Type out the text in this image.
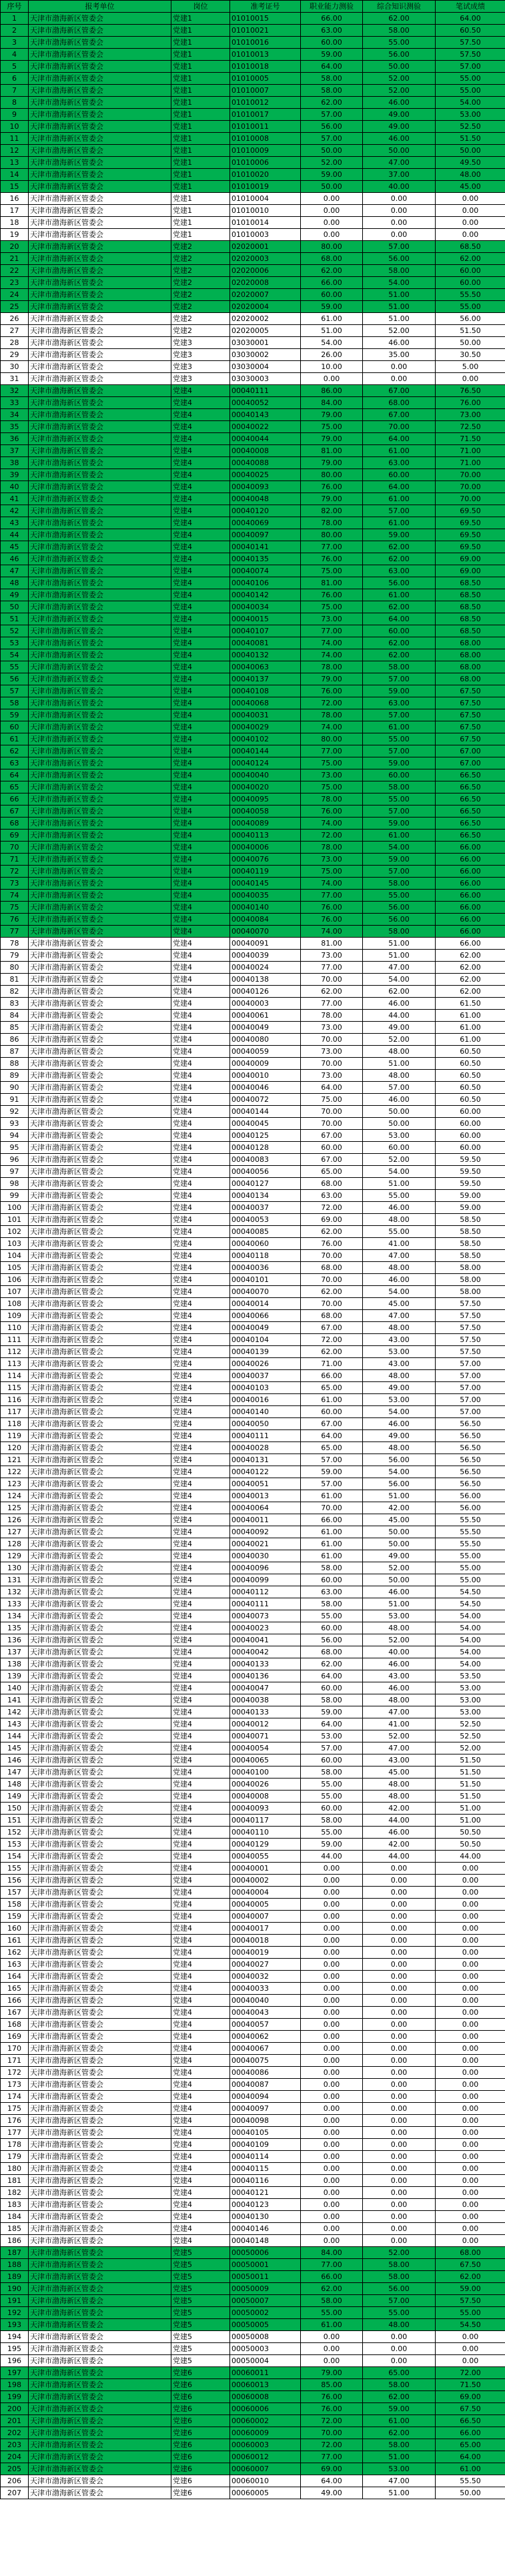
序号	报考单位	岗位	准考证号	职业能力测验	综合知识测验	笔试成绩
1	天津市渤海新区管委会	党建1	01010015	66.00	62.00	64.00
2	天津市渤海新区管委会	党建1	01010021	63.00	58.00	60.50
3	天津市渤海新区管委会	党建1	01010016	60.00	55.00	57.50
4	天津市渤海新区管委会	党建1	01010013	59.00	56.00	57.50
5	天津市渤海新区管委会	党建1	01010018	64.00	50.00	57.00
6	天津市渤海新区管委会	党建1	01010005	58.00	52.00	55.00
7	天津市渤海新区管委会	党建1	01010007	58.00	52.00	55.00
8	天津市渤海新区管委会	党建1	01010012	62.00	46.00	54.00
9	天津市渤海新区管委会	党建1	01010017	57.00	49.00	53.00
10	天津市渤海新区管委会	党建1	01010011	56.00	49.00	52.50
11	天津市渤海新区管委会	党建1	01010008	57.00	46.00	51.50
12	天津市渤海新区管委会	党建1	01010009	50.00	50.00	50.00
13	天津市渤海新区管委会	党建1	01010006	52.00	47.00	49.50
14	天津市渤海新区管委会	党建1	01010020	59.00	37.00	48.00
15	天津市渤海新区管委会	党建1	01010019	50.00	40.00	45.00
16	天津市渤海新区管委会	党建1	01010004	0.00	0.00	0.00
17	天津市渤海新区管委会	党建1	01010010	0.00	0.00	0.00
18	天津市渤海新区管委会	党建1	01010014	0.00	0.00	0.00
19	天津市渤海新区管委会	党建1	01010003	0.00	0.00	0.00
20	天津市渤海新区管委会	党建2	02020001	80.00	57.00	68.50
21	天津市渤海新区管委会	党建2	02020003	68.00	56.00	62.00
22	天津市渤海新区管委会	党建2	02020006	62.00	58.00	60.00
23	天津市渤海新区管委会	党建2	02020008	66.00	54.00	60.00
24	天津市渤海新区管委会	党建2	02020007	60.00	51.00	55.50
25	天津市渤海新区管委会	党建2	02020004	59.00	51.00	55.00
26	天津市渤海新区管委会	党建2	02020002	61.00	51.00	56.00
27	天津市渤海新区管委会	党建2	02020005	51.00	52.00	51.50
28	天津市渤海新区管委会	党建3	03030001	54.00	46.00	50.00
29	天津市渤海新区管委会	党建3	03030002	26.00	35.00	30.50
30	天津市渤海新区管委会	党建3	03030004	10.00	0.00	5.00
31	天津市渤海新区管委会	党建3	03030003	0.00	0.00	0.00
32	天津市渤海新区管委会	党建4	00040111	86.00	67.00	76.50
33	天津市渤海新区管委会	党建4	00040052	84.00	68.00	76.00
34	天津市渤海新区管委会	党建4	00040143	79.00	67.00	73.00
35	天津市渤海新区管委会	党建4	00040022	75.00	70.00	72.50
36	天津市渤海新区管委会	党建4	00040044	79.00	64.00	71.50
37	天津市渤海新区管委会	党建4	00040008	81.00	61.00	71.00
38	天津市渤海新区管委会	党建4	00040088	79.00	63.00	71.00
39	天津市渤海新区管委会	党建4	00040025	80.00	60.00	70.00
40	天津市渤海新区管委会	党建4	00040093	76.00	64.00	70.00
41	天津市渤海新区管委会	党建4	00040048	79.00	61.00	70.00
42	天津市渤海新区管委会	党建4	00040120	82.00	57.00	69.50
43	天津市渤海新区管委会	党建4	00040069	78.00	61.00	69.50
44	天津市渤海新区管委会	党建4	00040097	80.00	59.00	69.50
45	天津市渤海新区管委会	党建4	00040141	77.00	62.00	69.50
46	天津市渤海新区管委会	党建4	00040135	76.00	62.00	69.00
47	天津市渤海新区管委会	党建4	00040074	75.00	63.00	69.00
48	天津市渤海新区管委会	党建4	00040106	81.00	56.00	68.50
49	天津市渤海新区管委会	党建4	00040142	76.00	61.00	68.50
50	天津市渤海新区管委会	党建4	00040034	75.00	62.00	68.50
51	天津市渤海新区管委会	党建4	00040015	73.00	64.00	68.50
52	天津市渤海新区管委会	党建4	00040107	77.00	60.00	68.50
53	天津市渤海新区管委会	党建4	00040081	74.00	62.00	68.00
54	天津市渤海新区管委会	党建4	00040132	74.00	62.00	68.00
55	天津市渤海新区管委会	党建4	00040063	78.00	58.00	68.00
56	天津市渤海新区管委会	党建4	00040137	79.00	57.00	68.00
57	天津市渤海新区管委会	党建4	00040108	76.00	59.00	67.50
58	天津市渤海新区管委会	党建4	00040068	72.00	63.00	67.50
59	天津市渤海新区管委会	党建4	00040031	78.00	57.00	67.50
60	天津市渤海新区管委会	党建4	00040029	74.00	61.00	67.50
61	天津市渤海新区管委会	党建4	00040102	80.00	55.00	67.50
62	天津市渤海新区管委会	党建4	00040144	77.00	57.00	67.00
63	天津市渤海新区管委会	党建4	00040124	75.00	59.00	67.00
64	天津市渤海新区管委会	党建4	00040040	73.00	60.00	66.50
65	天津市渤海新区管委会	党建4	00040020	75.00	58.00	66.50
66	天津市渤海新区管委会	党建4	00040095	78.00	55.00	66.50
67	天津市渤海新区管委会	党建4	00040058	76.00	57.00	66.50
68	天津市渤海新区管委会	党建4	00040089	74.00	59.00	66.50
69	天津市渤海新区管委会	党建4	00040113	72.00	61.00	66.50
70	天津市渤海新区管委会	党建4	00040006	78.00	54.00	66.00
71	天津市渤海新区管委会	党建4	00040076	73.00	59.00	66.00
72	天津市渤海新区管委会	党建4	00040119	75.00	57.00	66.00
73	天津市渤海新区管委会	党建4	00040145	74.00	58.00	66.00
74	天津市渤海新区管委会	党建4	00040035	77.00	55.00	66.00
75	天津市渤海新区管委会	党建4	00040140	76.00	56.00	66.00
76	天津市渤海新区管委会	党建4	00040084	76.00	56.00	66.00
77	天津市渤海新区管委会	党建4	00040070	74.00	58.00	66.00
78	天津市渤海新区管委会	党建4	00040091	81.00	51.00	66.00
79	天津市渤海新区管委会	党建4	00040039	73.00	51.00	62.00
80	天津市渤海新区管委会	党建4	00040024	77.00	47.00	62.00
81	天津市渤海新区管委会	党建4	00040138	70.00	54.00	62.00
82	天津市渤海新区管委会	党建4	00040126	62.00	62.00	62.00
83	天津市渤海新区管委会	党建4	00040003	77.00	46.00	61.50
84	天津市渤海新区管委会	党建4	00040061	78.00	44.00	61.00
85	天津市渤海新区管委会	党建4	00040049	73.00	49.00	61.00
86	天津市渤海新区管委会	党建4	00040080	70.00	52.00	61.00
87	天津市渤海新区管委会	党建4	00040059	73.00	48.00	60.50
88	天津市渤海新区管委会	党建4	00040009	70.00	51.00	60.50
89	天津市渤海新区管委会	党建4	00040010	73.00	48.00	60.50
90	天津市渤海新区管委会	党建4	00040046	64.00	57.00	60.50
91	天津市渤海新区管委会	党建4	00040072	75.00	46.00	60.50
92	天津市渤海新区管委会	党建4	00040144	70.00	50.00	60.00
93	天津市渤海新区管委会	党建4	00040045	70.00	50.00	60.00
94	天津市渤海新区管委会	党建4	00040125	67.00	53.00	60.00
95	天津市渤海新区管委会	党建4	00040128	60.00	60.00	60.00
96	天津市渤海新区管委会	党建4	00040083	67.00	52.00	59.50
97	天津市渤海新区管委会	党建4	00040056	65.00	54.00	59.50
98	天津市渤海新区管委会	党建4	00040127	68.00	51.00	59.50
99	天津市渤海新区管委会	党建4	00040134	63.00	55.00	59.00
100	天津市渤海新区管委会	党建4	00040037	72.00	46.00	59.00
101	天津市渤海新区管委会	党建4	00040053	69.00	48.00	58.50
102	天津市渤海新区管委会	党建4	00040085	62.00	55.00	58.50
103	天津市渤海新区管委会	党建4	00040060	76.00	41.00	58.50
104	天津市渤海新区管委会	党建4	00040118	70.00	47.00	58.50
105	天津市渤海新区管委会	党建4	00040036	68.00	48.00	58.00
106	天津市渤海新区管委会	党建4	00040101	70.00	46.00	58.00
107	天津市渤海新区管委会	党建4	00040070	62.00	54.00	58.00
108	天津市渤海新区管委会	党建4	00040014	70.00	45.00	57.50
109	天津市渤海新区管委会	党建4	00040066	68.00	47.00	57.50
110	天津市渤海新区管委会	党建4	00040049	67.00	48.00	57.50
111	天津市渤海新区管委会	党建4	00040104	72.00	43.00	57.50
112	天津市渤海新区管委会	党建4	00040139	62.00	53.00	57.50
113	天津市渤海新区管委会	党建4	00040026	71.00	43.00	57.00
114	天津市渤海新区管委会	党建4	00040037	66.00	48.00	57.00
115	天津市渤海新区管委会	党建4	00040103	65.00	49.00	57.00
116	天津市渤海新区管委会	党建4	00040016	61.00	53.00	57.00
117	天津市渤海新区管委会	党建4	00040140	60.00	54.00	57.00
118	天津市渤海新区管委会	党建4	00040050	67.00	46.00	56.50
119	天津市渤海新区管委会	党建4	00040111	64.00	49.00	56.50
120	天津市渤海新区管委会	党建4	00040028	65.00	48.00	56.50
121	天津市渤海新区管委会	党建4	00040131	57.00	56.00	56.50
122	天津市渤海新区管委会	党建4	00040122	59.00	54.00	56.50
123	天津市渤海新区管委会	党建4	00040051	57.00	56.00	56.50
124	天津市渤海新区管委会	党建4	00040013	61.00	51.00	56.00
125	天津市渤海新区管委会	党建4	00040064	70.00	42.00	56.00
126	天津市渤海新区管委会	党建4	00040011	66.00	45.00	55.50
127	天津市渤海新区管委会	党建4	00040092	61.00	50.00	55.50
128	天津市渤海新区管委会	党建4	00040021	61.00	50.00	55.50
129	天津市渤海新区管委会	党建4	00040030	61.00	49.00	55.00
130	天津市渤海新区管委会	党建4	00040096	58.00	52.00	55.00
131	天津市渤海新区管委会	党建4	00040099	60.00	50.00	55.00
132	天津市渤海新区管委会	党建4	00040112	63.00	46.00	54.50
133	天津市渤海新区管委会	党建4	00040111	58.00	51.00	54.50
134	天津市渤海新区管委会	党建4	00040073	55.00	53.00	54.00
135	天津市渤海新区管委会	党建4	00040023	60.00	48.00	54.00
136	天津市渤海新区管委会	党建4	00040041	56.00	52.00	54.00
137	天津市渤海新区管委会	党建4	00040042	68.00	40.00	54.00
138	天津市渤海新区管委会	党建4	00040133	62.00	46.00	54.00
139	天津市渤海新区管委会	党建4	00040136	64.00	43.00	53.50
140	天津市渤海新区管委会	党建4	00040047	60.00	46.00	53.00
141	天津市渤海新区管委会	党建4	00040038	58.00	48.00	53.00
142	天津市渤海新区管委会	党建4	00040133	59.00	47.00	53.00
143	天津市渤海新区管委会	党建4	00040012	64.00	41.00	52.50
144	天津市渤海新区管委会	党建4	00040071	53.00	52.00	52.50
145	天津市渤海新区管委会	党建4	00040054	57.00	47.00	52.00
146	天津市渤海新区管委会	党建4	00040065	60.00	43.00	51.50
147	天津市渤海新区管委会	党建4	00040100	58.00	45.00	51.50
148	天津市渤海新区管委会	党建4	00040026	55.00	48.00	51.50
149	天津市渤海新区管委会	党建4	00040008	55.00	48.00	51.50
150	天津市渤海新区管委会	党建4	00040093	60.00	42.00	51.00
151	天津市渤海新区管委会	党建4	00040117	58.00	44.00	51.00
152	天津市渤海新区管委会	党建4	00040110	55.00	46.00	50.50
153	天津市渤海新区管委会	党建4	00040129	59.00	42.00	50.50
154	天津市渤海新区管委会	党建4	00040055	44.00	44.00	44.00
155	天津市渤海新区管委会	党建4	00040001	0.00	0.00	0.00
156	天津市渤海新区管委会	党建4	00040002	0.00	0.00	0.00
157	天津市渤海新区管委会	党建4	00040004	0.00	0.00	0.00
158	天津市渤海新区管委会	党建4	00040005	0.00	0.00	0.00
159	天津市渤海新区管委会	党建4	00040007	0.00	0.00	0.00
160	天津市渤海新区管委会	党建4	00040017	0.00	0.00	0.00
161	天津市渤海新区管委会	党建4	00040018	0.00	0.00	0.00
162	天津市渤海新区管委会	党建4	00040019	0.00	0.00	0.00
163	天津市渤海新区管委会	党建4	00040027	0.00	0.00	0.00
164	天津市渤海新区管委会	党建4	00040032	0.00	0.00	0.00
165	天津市渤海新区管委会	党建4	00040033	0.00	0.00	0.00
166	天津市渤海新区管委会	党建4	00040040	0.00	0.00	0.00
167	天津市渤海新区管委会	党建4	00040043	0.00	0.00	0.00
168	天津市渤海新区管委会	党建4	00040057	0.00	0.00	0.00
169	天津市渤海新区管委会	党建4	00040062	0.00	0.00	0.00
170	天津市渤海新区管委会	党建4	00040067	0.00	0.00	0.00
171	天津市渤海新区管委会	党建4	00040075	0.00	0.00	0.00
172	天津市渤海新区管委会	党建4	00040086	0.00	0.00	0.00
173	天津市渤海新区管委会	党建4	00040087	0.00	0.00	0.00
174	天津市渤海新区管委会	党建4	00040094	0.00	0.00	0.00
175	天津市渤海新区管委会	党建4	00040097	0.00	0.00	0.00
176	天津市渤海新区管委会	党建4	00040098	0.00	0.00	0.00
177	天津市渤海新区管委会	党建4	00040105	0.00	0.00	0.00
178	天津市渤海新区管委会	党建4	00040109	0.00	0.00	0.00
179	天津市渤海新区管委会	党建4	00040114	0.00	0.00	0.00
180	天津市渤海新区管委会	党建4	00040115	0.00	0.00	0.00
181	天津市渤海新区管委会	党建4	00040116	0.00	0.00	0.00
182	天津市渤海新区管委会	党建4	00040121	0.00	0.00	0.00
183	天津市渤海新区管委会	党建4	00040123	0.00	0.00	0.00
184	天津市渤海新区管委会	党建4	00040130	0.00	0.00	0.00
185	天津市渤海新区管委会	党建4	00040146	0.00	0.00	0.00
186	天津市渤海新区管委会	党建4	00040148	0.00	0.00	0.00
187	天津市渤海新区管委会	党建5	00050006	84.00	52.00	68.00
188	天津市渤海新区管委会	党建5	00050001	77.00	58.00	67.50
189	天津市渤海新区管委会	党建5	00050011	66.00	58.00	62.00
190	天津市渤海新区管委会	党建5	00050009	62.00	56.00	59.00
191	天津市渤海新区管委会	党建5	00050007	58.00	57.00	57.50
192	天津市渤海新区管委会	党建5	00050002	55.00	55.00	55.00
193	天津市渤海新区管委会	党建5	00050005	61.00	48.00	54.50
194	天津市渤海新区管委会	党建5	00050008	0.00	0.00	0.00
195	天津市渤海新区管委会	党建5	00050003	0.00	0.00	0.00
196	天津市渤海新区管委会	党建5	00050004	0.00	0.00	0.00
197	天津市渤海新区管委会	党建6	00060011	79.00	65.00	72.00
198	天津市渤海新区管委会	党建6	00060013	85.00	58.00	71.50
199	天津市渤海新区管委会	党建6	00060008	76.00	62.00	69.00
200	天津市渤海新区管委会	党建6	00060006	76.00	59.00	67.50
201	天津市渤海新区管委会	党建6	00060002	72.00	61.00	66.50
202	天津市渤海新区管委会	党建6	00060009	70.00	62.00	66.00
203	天津市渤海新区管委会	党建6	00060003	72.00	58.00	65.00
204	天津市渤海新区管委会	党建6	00060012	77.00	51.00	64.00
205	天津市渤海新区管委会	党建6	00060007	69.00	53.00	61.00
206	天津市渤海新区管委会	党建6	00060010	64.00	47.00	55.50
207	天津市渤海新区管委会	党建6	00060005	49.00	51.00	50.00
